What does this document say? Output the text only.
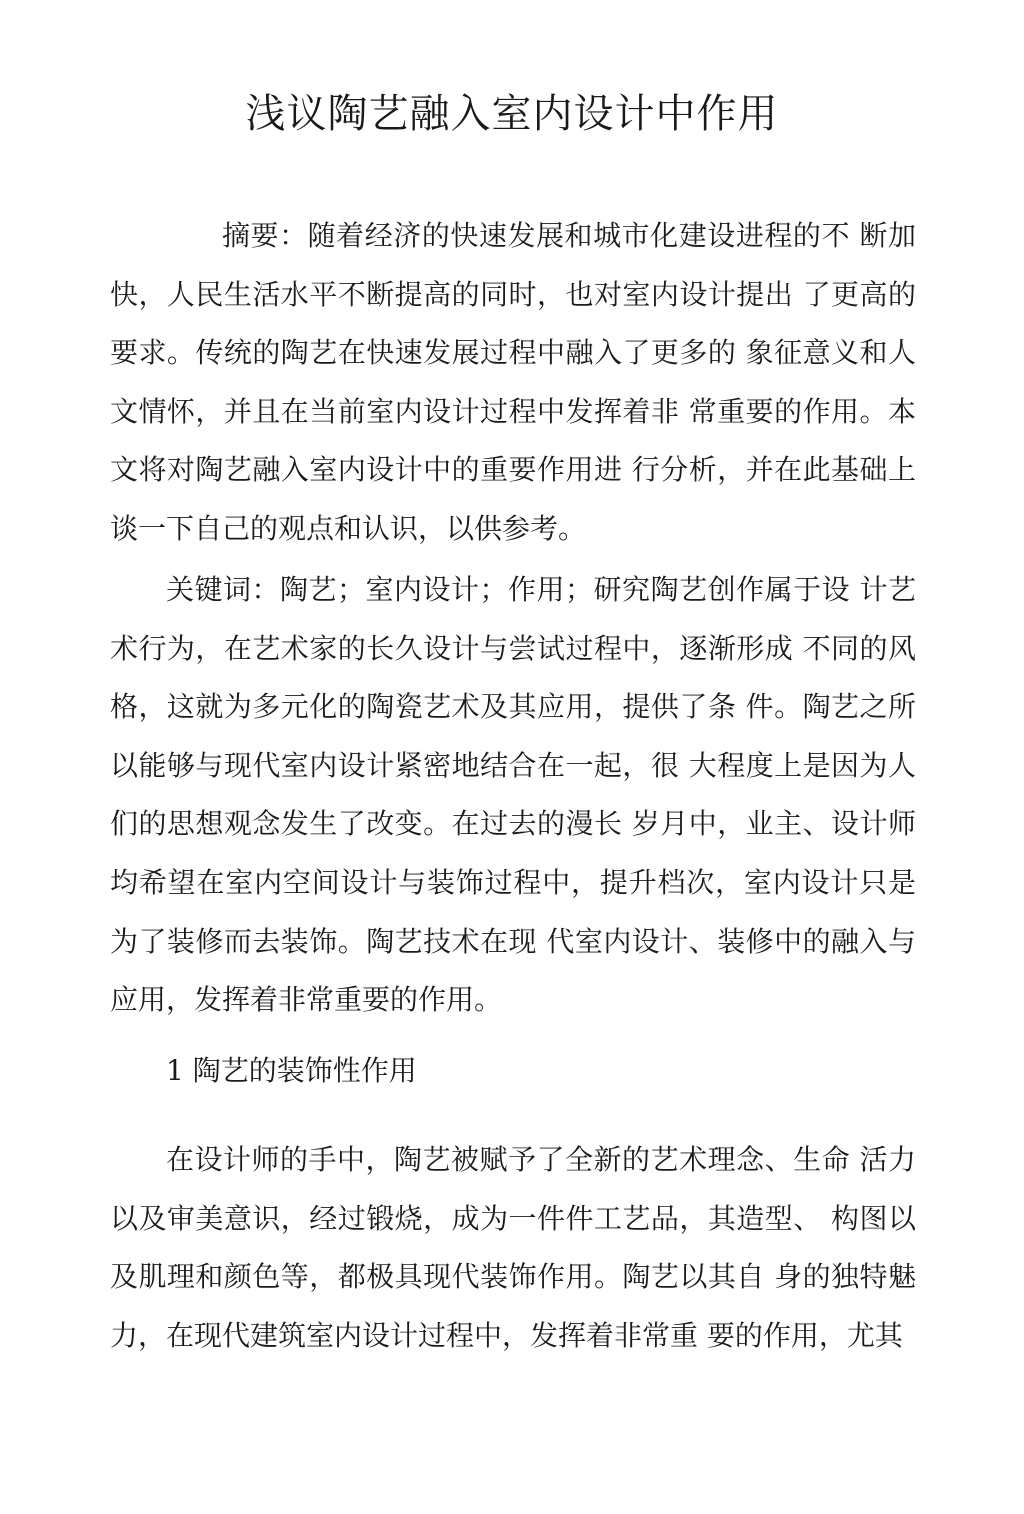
浅议陶艺融入室内设计中作用

摘要：随着经济的快速发展和城市化建设进程的不 断加快，人民生活水平不断提高的同时，也对室内设计提出 了更高的要求。传统的陶艺在快速发展过程中融入了更多的 象征意义和人文情怀，并且在当前室内设计过程中发挥着非 常重要的作用。本文将对陶艺融入室内设计中的重要作用进 行分析，并在此基础上谈一下自己的观点和认识，以供参考。

关键词：陶艺；室内设计；作用；研究陶艺创作属于设 计艺术行为，在艺术家的长久设计与尝试过程中，逐渐形成 不同的风格，这就为多元化的陶瓷艺术及其应用，提供了条 件。陶艺之所以能够与现代室内设计紧密地结合在一起，很 大程度上是因为人们的思想观念发生了改变。在过去的漫长 岁月中，业主、设计师均希望在室内空间设计与装饰过程中，提升档次，室内设计只是为了装修而去装饰。陶艺技术在现 代室内设计、装修中的融入与应用，发挥着非常重要的作用。

1 陶艺的装饰性作用

在设计师的手中，陶艺被赋予了全新的艺术理念、生命 活力以及审美意识，经过锻烧，成为一件件工艺品，其造型、 构图以及肌理和颜色等，都极具现代装饰作用。陶艺以其自 身的独特魅力，在现代建筑室内设计过程中，发挥着非常重 要的作用，尤其
